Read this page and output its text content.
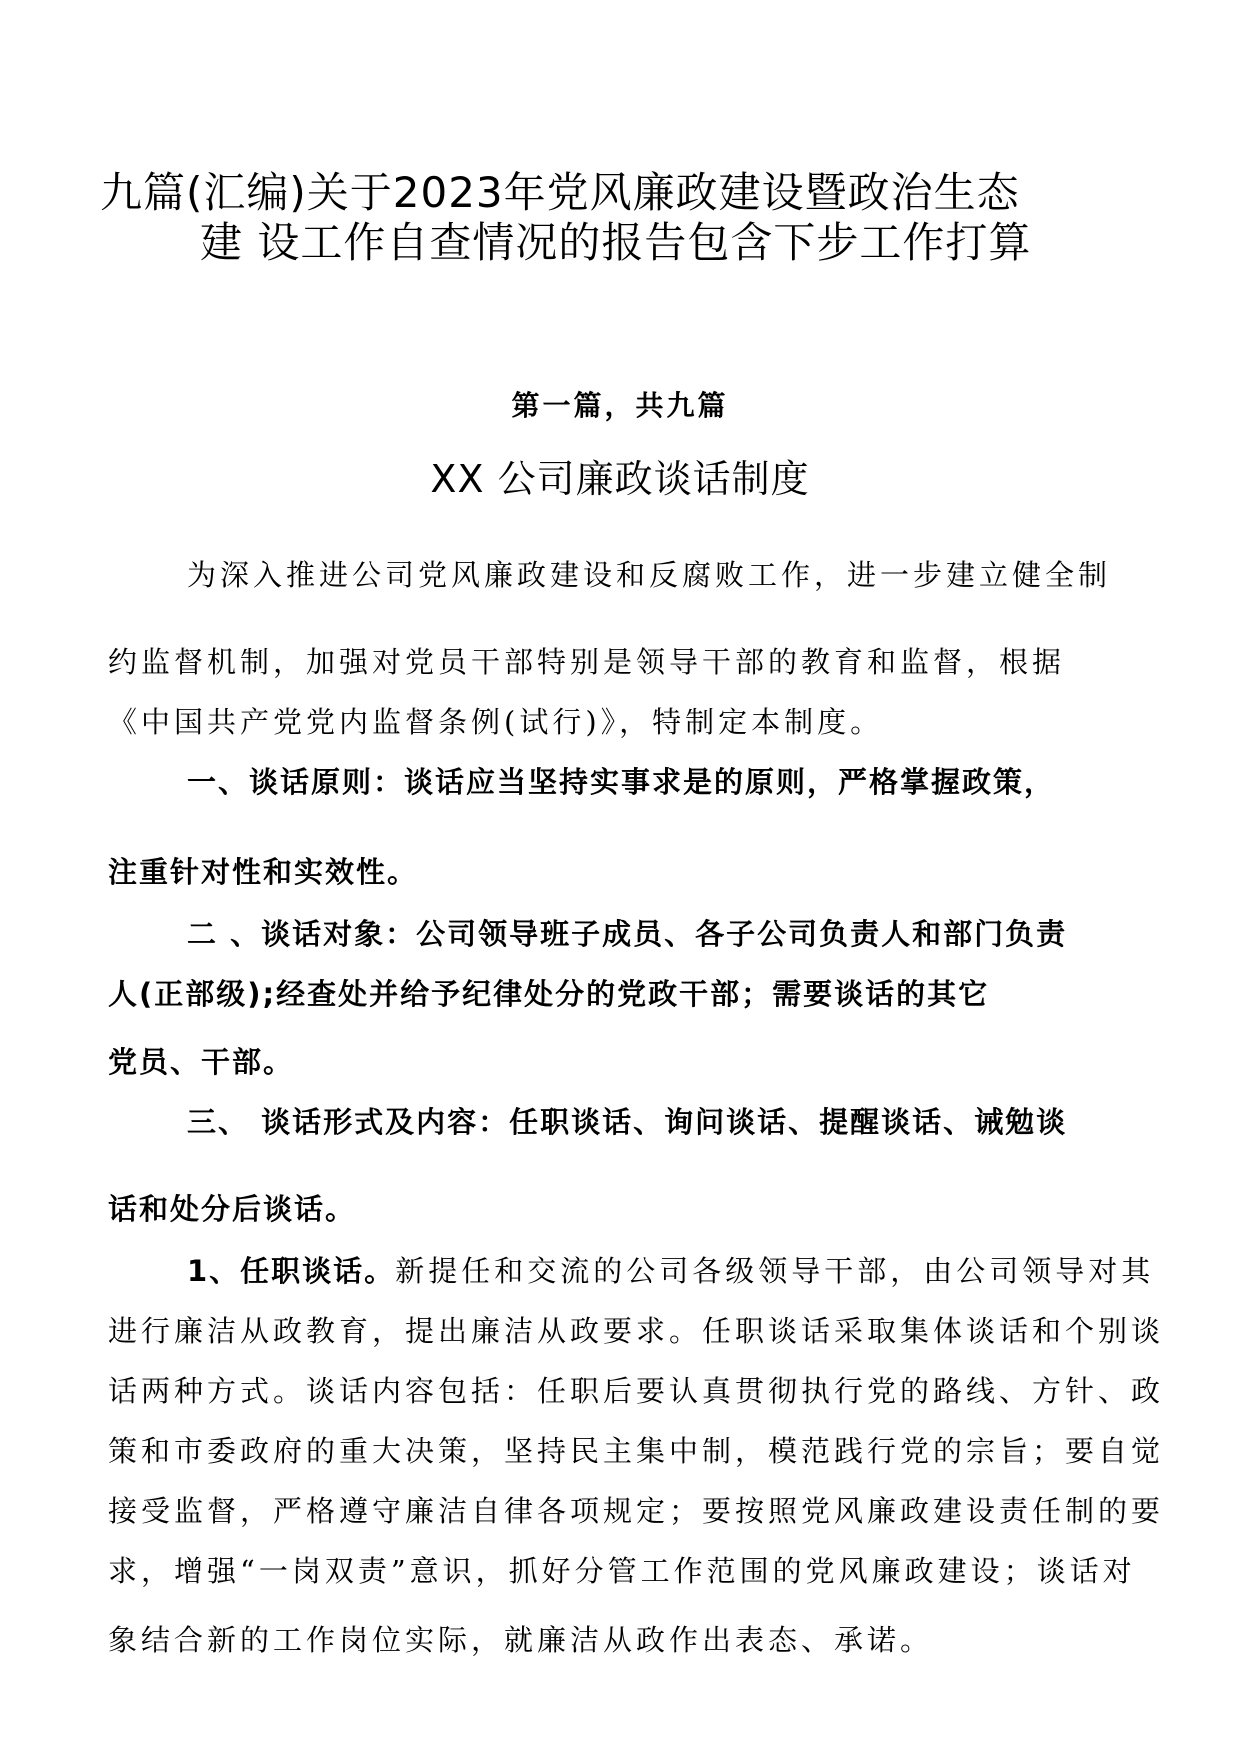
九篇(汇编)关于2023年党风廉政建设暨政治生态
建 设工作自查情况的报告包含下步工作打算
第一篇，共九篇
XX 公司廉政谈话制度
为深入推进公司党风廉政建设和反腐败工作，进一步建立健全制
约监督机制，加强对党员干部特别是领导干部的教育和监督，根据
《中国共产党党内监督条例(试行)》，特制定本制度。
一、谈话原则：谈话应当坚持实事求是的原则，严格掌握政策，
注重针对性和实效性。
二 、谈话对象：公司领导班子成员、各子公司负责人和部门负责
人(正部级);经查处并给予纪律处分的党政干部；需要谈话的其它
党员、干部。
三、 谈话形式及内容：任职谈话、询问谈话、提醒谈话、诫勉谈
话和处分后谈话。
1、任职谈话。新提任和交流的公司各级领导干部，由公司领导对其
进行廉洁从政教育，提出廉洁从政要求。任职谈话采取集体谈话和个别谈
话两种方式。谈话内容包括：任职后要认真贯彻执行党的路线、方针、政
策和市委政府的重大决策，坚持民主集中制，模范践行党的宗旨；要自觉
接受监督，严格遵守廉洁自律各项规定；要按照党风廉政建设责任制的要
求，增强“一岗双责”意识，抓好分管工作范围的党风廉政建设；谈话对
象结合新的工作岗位实际，就廉洁从政作出表态、承诺。
